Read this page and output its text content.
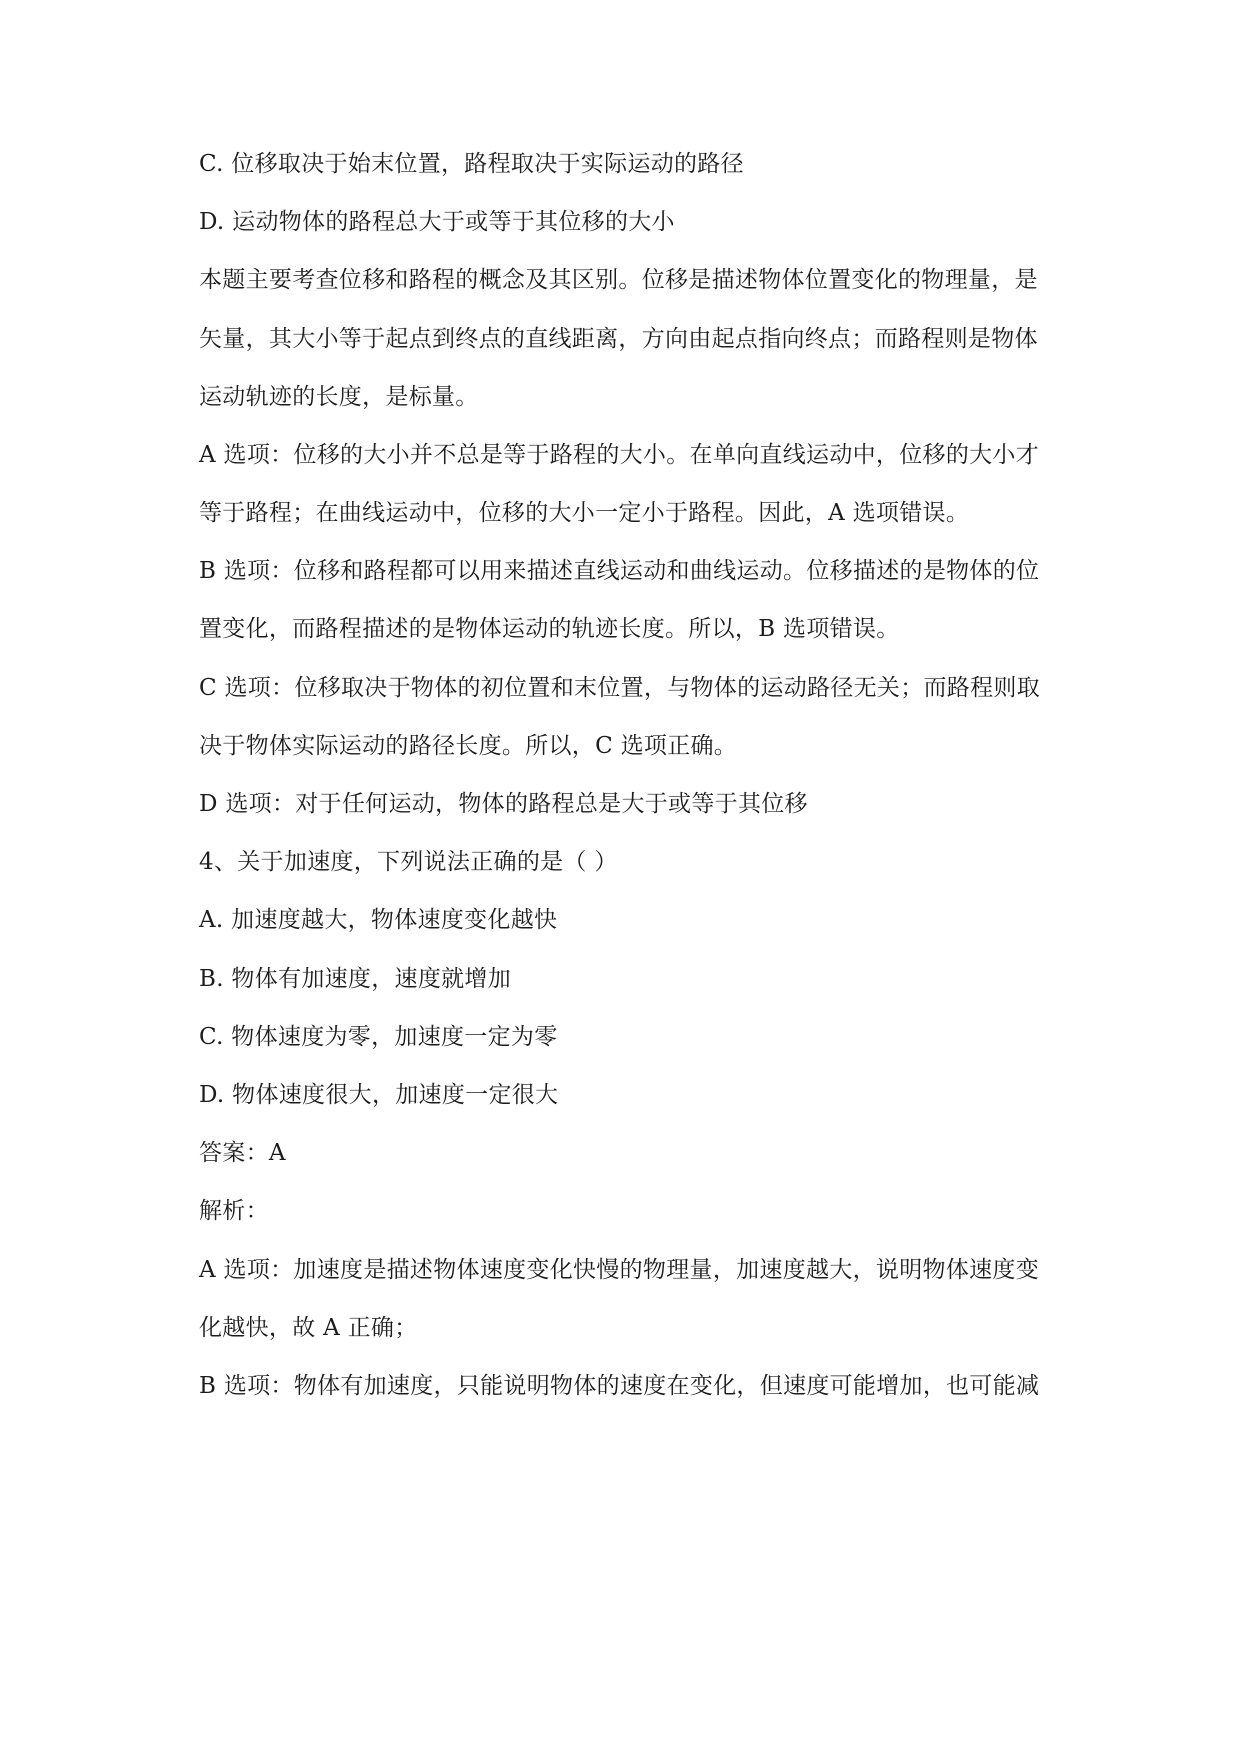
C. 位移取决于始末位置，路程取决于实际运动的路径
D. 运动物体的路程总大于或等于其位移的大小
本题主要考查位移和路程的概念及其区别。位移是描述物体位置变化的物理量，是
矢量，其大小等于起点到终点的直线距离，方向由起点指向终点；而路程则是物体
运动轨迹的长度，是标量。
A 选项：位移的大小并不总是等于路程的大小。在单向直线运动中，位移的大小才
等于路程；在曲线运动中，位移的大小一定小于路程。因此，A 选项错误。
B 选项：位移和路程都可以用来描述直线运动和曲线运动。位移描述的是物体的位
置变化，而路程描述的是物体运动的轨迹长度。所以，B 选项错误。
C 选项：位移取决于物体的初位置和末位置，与物体的运动路径无关；而路程则取
决于物体实际运动的路径长度。所以，C 选项正确。
D 选项：对于任何运动，物体的路程总是大于或等于其位移
4、关于加速度，下列说法正确的是（ ）
A. 加速度越大，物体速度变化越快
B. 物体有加速度，速度就增加
C. 物体速度为零，加速度一定为零
D. 物体速度很大，加速度一定很大
答案：A
解析：
A 选项：加速度是描述物体速度变化快慢的物理量，加速度越大，说明物体速度变
化越快，故 A 正确；
B 选项：物体有加速度，只能说明物体的速度在变化，但速度可能增加，也可能减
